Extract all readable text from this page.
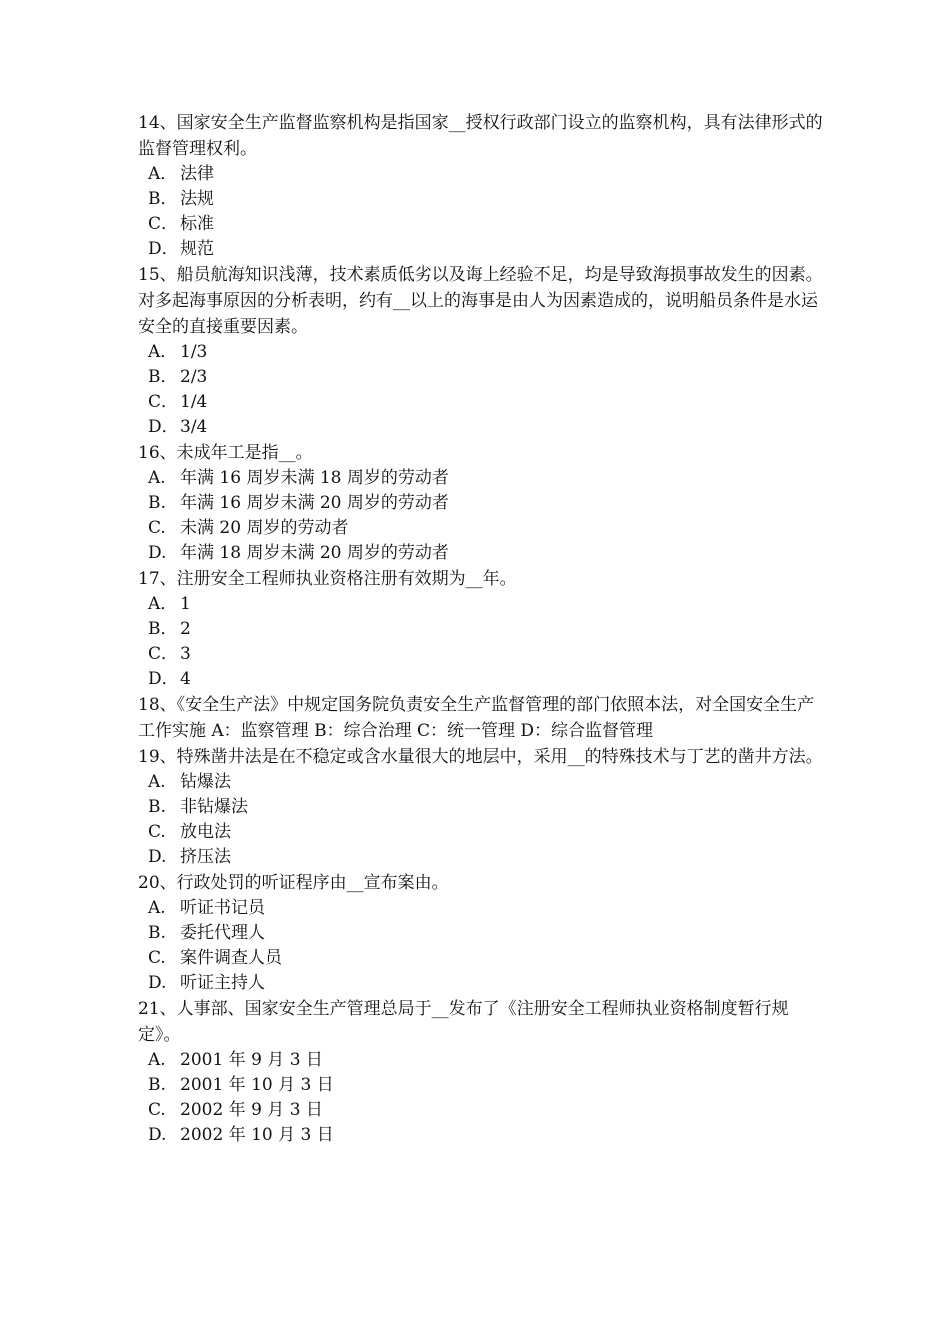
14、国家安全生产监督监察机构是指国家__授权行政部门设立的监察机构，具有法律形式的监督管理权利。

A． 法律
B． 法规
C． 标准
D． 规范

15、船员航海知识浅薄，技术素质低劣以及诲上经验不足，均是导致海损事故发生的因素。对多起海事原因的分析表明，约有__以上的海事是由人为因素造成的，说明船员条件是水运安全的直接重要因素。

A． 1/3
B． 2/3
C． 1/4
D． 3/4

16、未成年工是指__。

A. 年满 16 周岁未满 18 周岁的劳动者
B. 年满 16 周岁未满 20 周岁的劳动者
C. 未满 20 周岁的劳动者
D. 年满 18 周岁未满 20 周岁的劳动者

17、注册安全工程师执业资格注册有效期为__年。

A． 1
B． 2
C． 3
D． 4

18、《安全生产法》中规定国务院负责安全生产监督管理的部门依照本法，对全国安全生产工作实施 A：监察管理 B：综合治理 C：统一管理 D：综合监督管理

19、特殊凿井法是在不稳定或含水量很大的地层中，采用__的特殊技术与丁艺的凿井方法。

A. 钻爆法
B. 非钻爆法
C. 放电法
D. 挤压法

20、行政处罚的听证程序由__宣布案由。

A. 听证书记员
B. 委托代理人
C. 案件调查人员
D. 听证主持人

21、人事部、国家安全生产管理总局于__发布了《注册安全工程师执业资格制度暂行规定》。

A. 2001 年 9 月 3 日
B. 2001 年 10 月 3 日
C. 2002 年 9 月 3 日
D. 2002 年 10 月 3 日
